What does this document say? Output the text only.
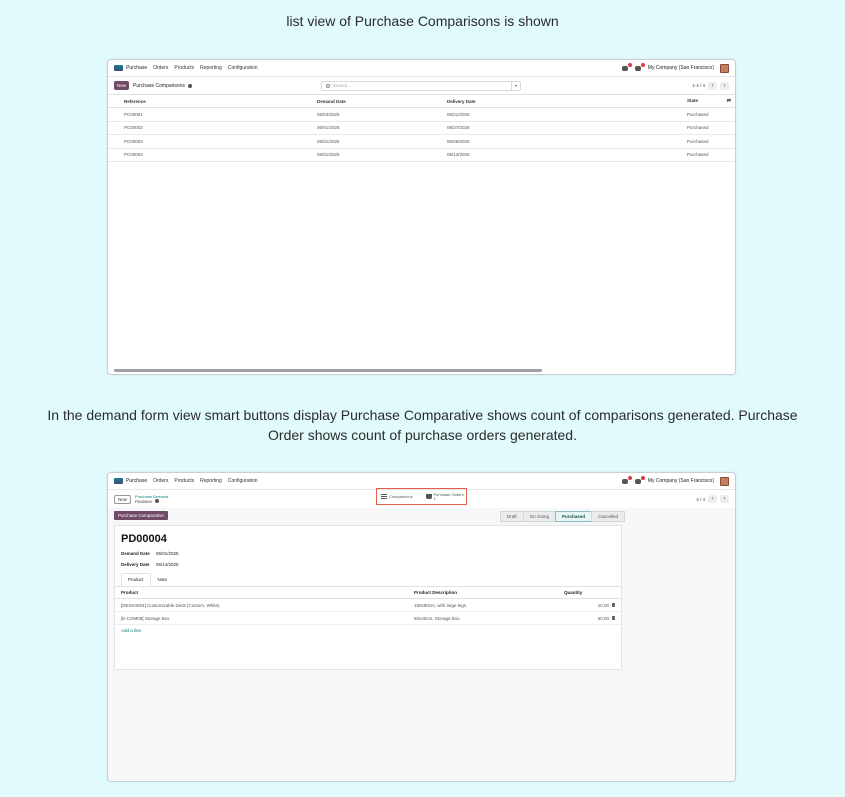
list view of Purchase Comparisons is shown
Purchase Orders Products Reporting Configuration	My Company (San Francisco)
New	Purchase Comparisons	Search...	▾	1-4 / 4	‹	›
	Reference	Demand Date	Delivery Date	State ⇄

	PC00001	06/04/2025	06/21/2025	Purchased
	PC00002	06/01/2025	06/27/2025	Purchased
	PC00003	06/01/2025	06/06/2025	Purchased
	PC00004	06/01/2025	06/13/2025	Purchased
In the demand form view smart buttons display Purchase Comparative shows count of comparisons generated. Purchase Order shows count of purchase orders generated.
Purchase Orders Products Reporting Configuration	My Company (San Francisco)
New	Purchase Demand
PD00004	4 / 4	‹	›
Comparisons	Purchase Orders
1
Purchase Comparative	Draft	On Going	Purchased	Cancelled
PD00004
Demand Date	06/01/2025
Delivery Date	06/13/2025
Product	Note
Product	Product Description	Quantity
[DESK0004] Customizable Desk (Custom, White)	160x80cm, with large legs.	10.00
[E-COM08] Storage Box	50x40cm, Storage Box.	50.00
Add a line
